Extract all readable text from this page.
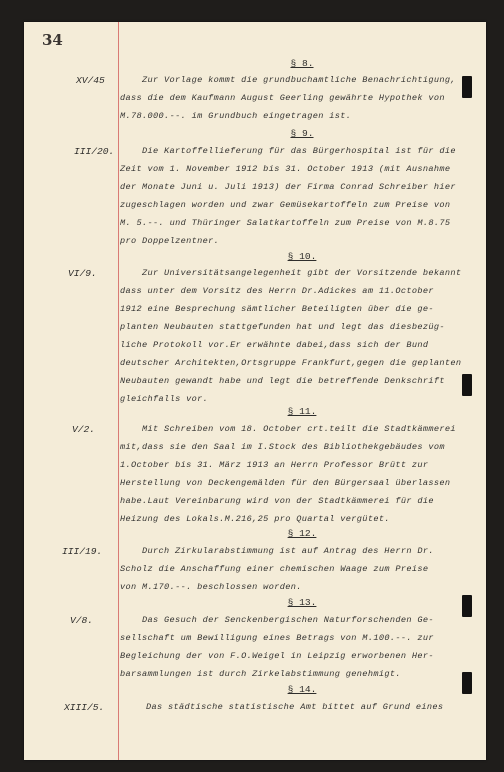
34
§ 8.
XV/45	Zur Vorlage kommt die grundbuchamtliche Benachrichtigung,
dass die dem Kaufmann August Geerling gewährte Hypothek von
M.78.000.--. im Grundbuch eingetragen ist.
§ 9.
III/20.	Die Kartoffellieferung für das Bürgerhospital ist für die
Zeit vom 1. November 1912 bis 31. October 1913 (mit Ausnahme
der Monate Juni u. Juli 1913) der Firma Conrad Schreiber hier
zugeschlagen worden und zwar Gemüsekartoffeln zum Preise von
M. 5.--. und Thüringer Salatkartoffeln zum Preise von M.8.75
pro Doppelzentner.
§ 10.
VI/9.	Zur Universitätsangelegenheit gibt der Vorsitzende bekannt
dass unter dem Vorsitz des Herrn Dr.Adickes am 11.October
1912 eine Besprechung sämtlicher Beteiligten über die ge-
planten Neubauten stattgefunden hat und legt das diesbezüg-
liche Protokoll vor.Er erwähnte dabei,dass sich der Bund
deutscher Architekten,Ortsgruppe Frankfurt,gegen die geplanten
Neubauten gewandt habe und legt die betreffende Denkschrift
gleichfalls vor.
§ 11.
V/2.	Mit Schreiben vom 18. October crt.teilt die Stadtkämmerei
mit,dass sie den Saal im I.Stock des Bibliothekgebäudes vom
1.October bis 31. März 1913 an Herrn Professor Brütt zur
Herstellung von Deckengemälden für den Bürgersaal überlassen
habe.Laut Vereinbarung wird von der Stadtkämmerei für die
Heizung des Lokals.M.216,25 pro Quartal vergütet.
§ 12.
III/19.	Durch Zirkularabstimmung ist auf Antrag des Herrn Dr.
Scholz die Anschaffung einer chemischen Waage zum Preise
von M.170.--. beschlossen worden.
§ 13.
V/8.	Das Gesuch der Senckenbergischen Naturforschenden Ge-
sellschaft um Bewilligung eines Betrags von M.100.--. zur
Begleichung der von F.O.Weigel in Leipzig erworbenen Her-
barsammlungen ist durch Zirkelabstimmung genehmigt.
§ 14.
XIII/5.	Das städtische statistische Amt bittet auf Grund eines
